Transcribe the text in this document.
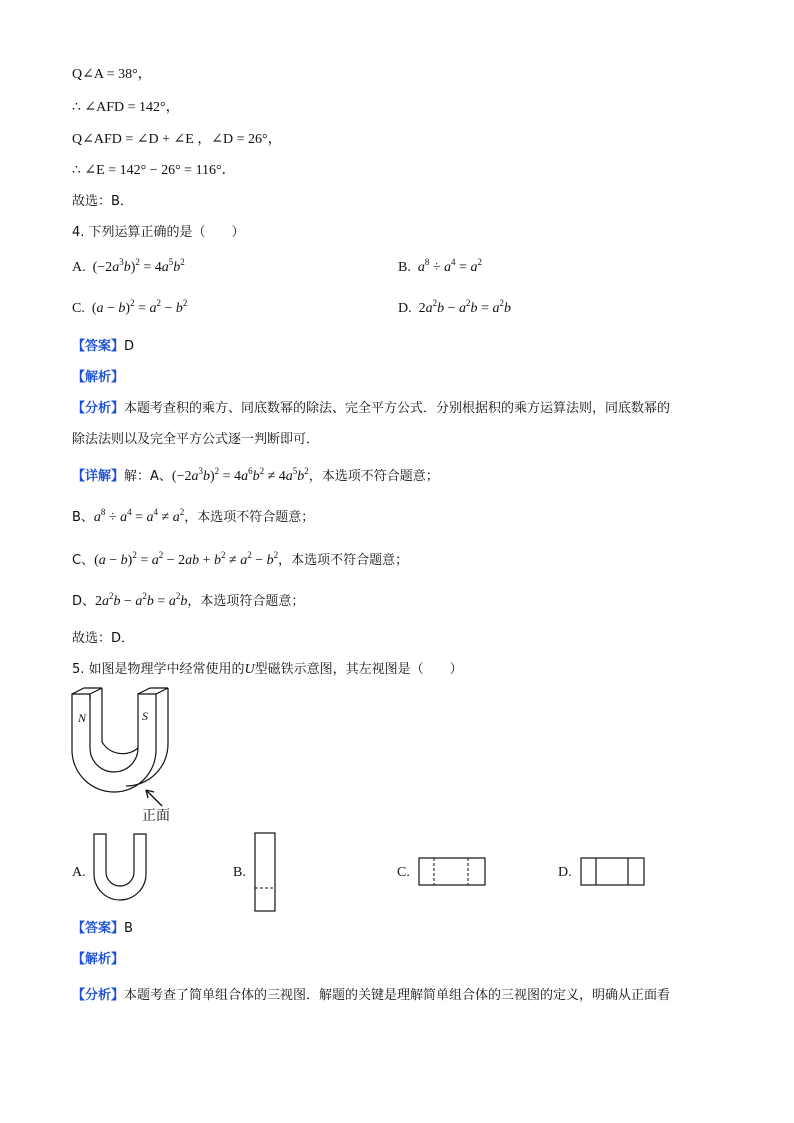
Q∠A = 38°，
∴ ∠AFD = 142°，
Q∠AFD = ∠D + ∠E ，∠D = 26°，
∴ ∠E = 142° − 26° = 116°．
故选：B．
4. 下列运算正确的是（　　）
A.  $(-2a^3b)^2 = 4a^5b^2$	B. $a^8 \div a^4 = a^2$
C.  $(a - b)^2 = a^2 - b^2$	D.  $2a^2b - a^2b = a^2b$
【答案】D
【解析】
【分析】本题考查积的乘方、同底数幂的除法、完全平方公式．分别根据积的乘方运算法则，同底数幂的
除法法则以及完全平方公式逐一判断即可．
【详解】解：A、$(-2a^3b)^2 = 4a^6b^2 \ne 4a^5b^2$，本选项不符合题意；
B、$a^8 \div a^4 = a^4 \ne a^2$，本选项不符合题意；
C、$(a - b)^2 = a^2 - 2ab + b^2 \ne a^2 - b^2$，本选项不符合题意；
D、$2a^2b - a^2b = a^2b$，本选项符合题意；
故选：D．
5. 如图是物理学中经常使用的U型磁铁示意图，其左视图是（　　）
N	S
正面
A.	B.	C.	D.
【答案】B
【解析】
【分析】本题考查了简单组合体的三视图．解题的关键是理解简单组合体的三视图的定义，明确从正面看
